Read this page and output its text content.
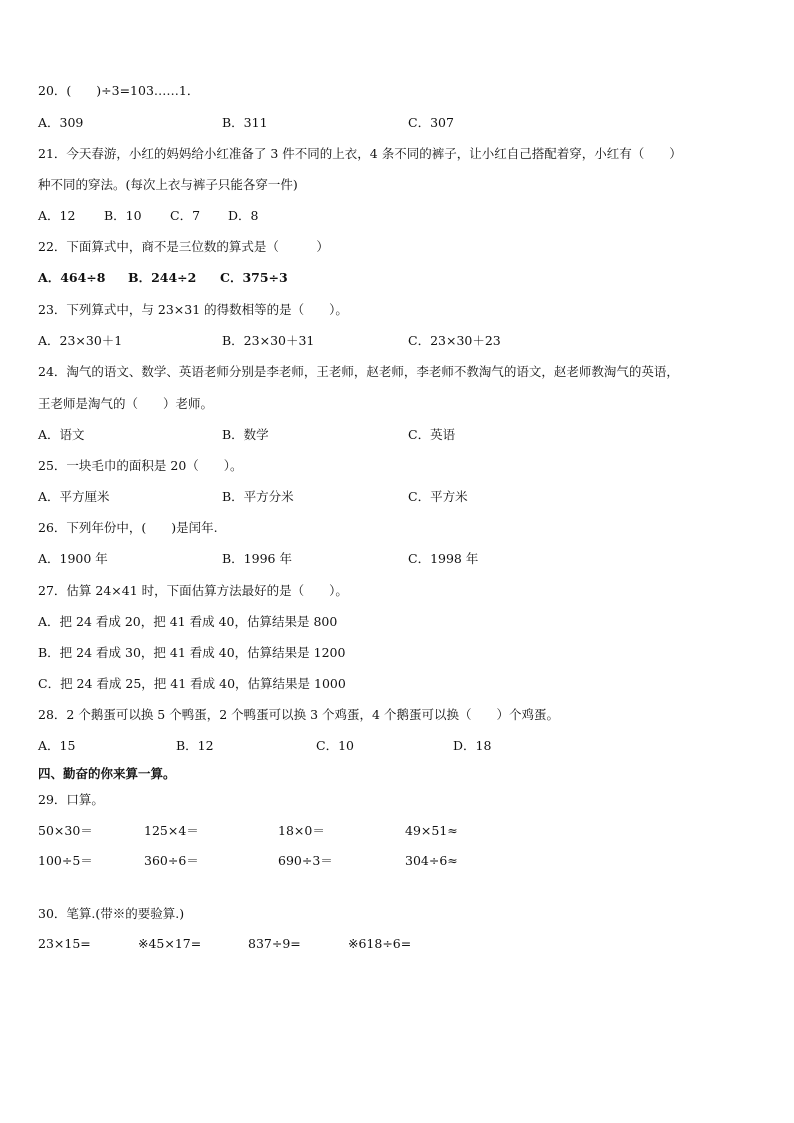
20．(　　)÷3=103……1．
A．309	B．311	C．307
21．今天春游，小红的妈妈给小红准备了 3 件不同的上衣，4 条不同的裤子，让小红自己搭配着穿，小红有（　　）
种不同的穿法。(每次上衣与裤子只能各穿一件)
A．12 B．10 C．7 D．8
22．下面算式中，商不是三位数的算式是（　　　）
A．464÷8 B．244÷2 C．375÷3
23．下列算式中，与 23×31 的得数相等的是（　　）。
A．23×30＋1	B．23×30＋31	C．23×30＋23
24．淘气的语文、数学、英语老师分别是李老师，王老师，赵老师，李老师不教淘气的语文，赵老师教淘气的英语，
王老师是淘气的（　　）老师。
A．语文	B．数学	C．英语
25．一块毛巾的面积是 20（　　）。
A．平方厘米	B．平方分米	C．平方米
26．下列年份中，(　　)是闰年.
A．1900 年	B．1996 年	C．1998 年
27．估算 24×41 时，下面估算方法最好的是（　　）。
A．把 24 看成 20，把 41 看成 40，估算结果是 800
B．把 24 看成 30，把 41 看成 40，估算结果是 1200
C．把 24 看成 25，把 41 看成 40，估算结果是 1000
28．2 个鹅蛋可以换 5 个鸭蛋，2 个鸭蛋可以换 3 个鸡蛋，4 个鹅蛋可以换（　　）个鸡蛋。
A．15	B．12	C．10	D．18
四、勤奋的你来算一算。
29．口算。
50×30＝	125×4＝	18×0＝	49×51≈
100÷5＝	360÷6＝	690÷3＝	304÷6≈
30．笔算.(带※的要验算.)
23×15=	※45×17=	837÷9=	※618÷6=
